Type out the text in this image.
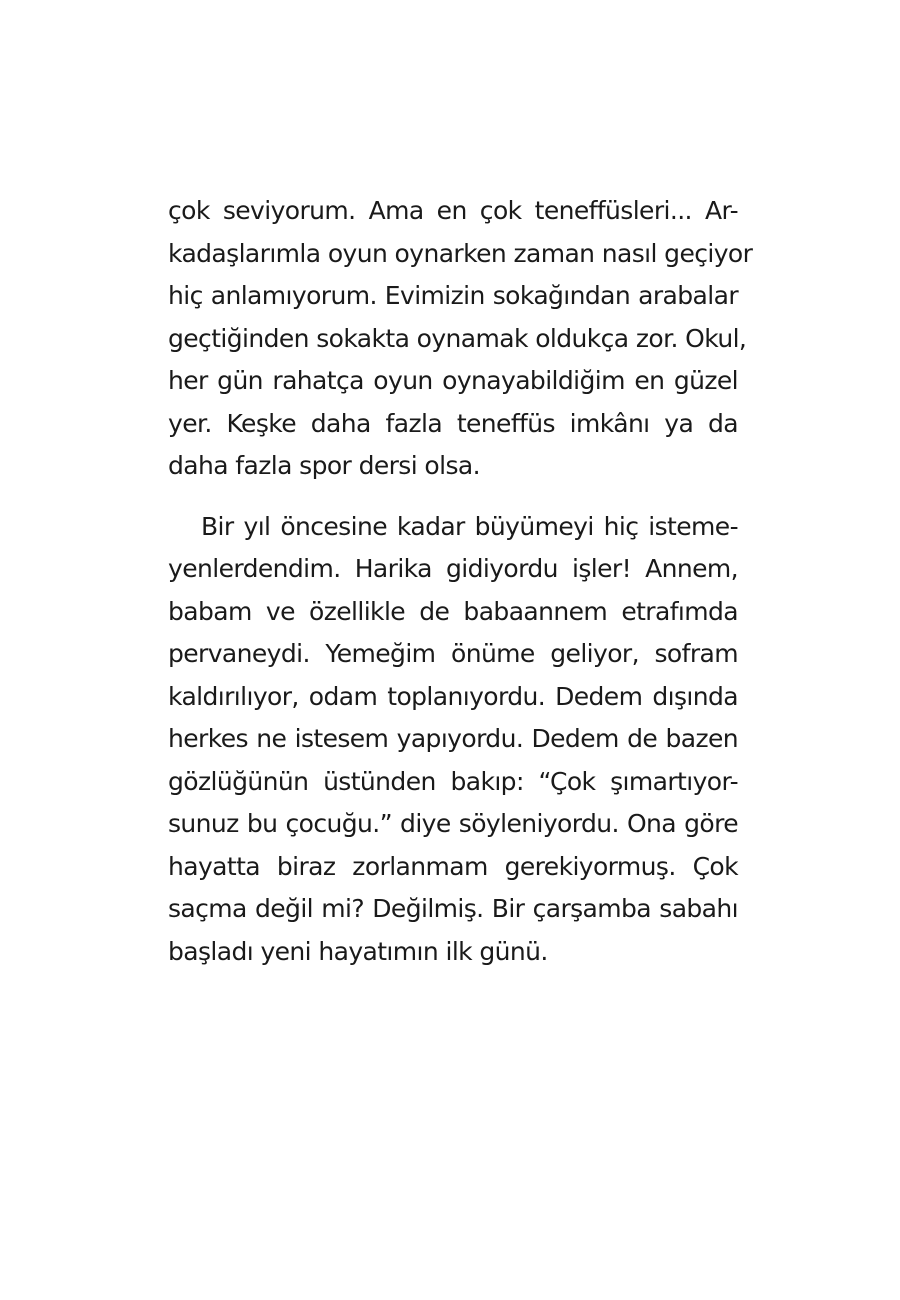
çok seviyorum. Ama en çok teneffüsleri... Ar-
kadaşlarımla oyun oynarken zaman nasıl geçiyor
hiç anlamıyorum. Evimizin sokağından arabalar
geçtiğinden sokakta oynamak oldukça zor. Okul,
her gün rahatça oyun oynayabildiğim en güzel
yer. Keşke daha fazla teneffüs imkânı ya da
daha fazla spor dersi olsa.

Bir yıl öncesine kadar büyümeyi hiç isteme-
yenlerdendim. Harika gidiyordu işler! Annem,
babam ve özellikle de babaannem etrafımda
pervaneydi. Yemeğim önüme geliyor, sofram
kaldırılıyor, odam toplanıyordu. Dedem dışında
herkes ne istesem yapıyordu. Dedem de bazen
gözlüğünün üstünden bakıp: “Çok şımartıyor-
sunuz bu çocuğu.” diye söyleniyordu. Ona göre
hayatta biraz zorlanmam gerekiyormuş. Çok
saçma değil mi? Değilmiş. Bir çarşamba sabahı
başladı yeni hayatımın ilk günü.
